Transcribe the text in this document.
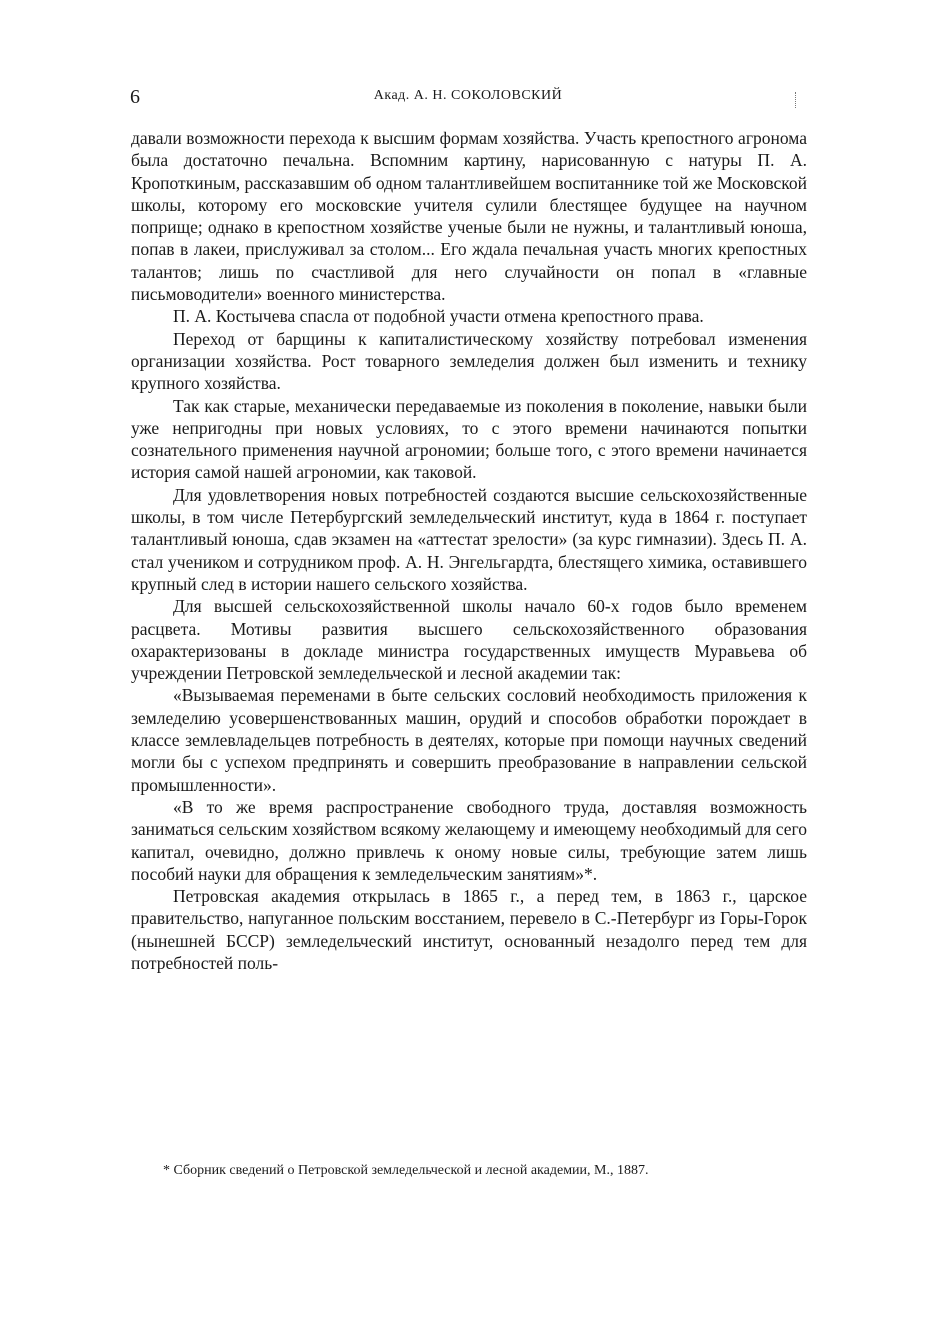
6	Акад. А. Н. СОКОЛОВСКИЙ

давали возможности перехода к высшим формам хозяйства. Участь крепостного агронома была достаточно печальна. Вспомним картину, нарисованную с натуры П. А. Кропоткиным, рассказавшим об одном талантливейшем воспитаннике той же Московской школы, которому его московские учителя сулили блестящее будущее на научном поприще; однако в крепостном хозяйстве ученые были не нужны, и талантливый юноша, попав в лакеи, прислуживал за столом... Его ждала печальная участь многих крепостных талантов; лишь по счастливой для него случайности он попал в «главные письмоводители» военного министерства.

П. А. Костычева спасла от подобной участи отмена крепостного права.

Переход от барщины к капиталистическому хозяйству потребовал изменения организации хозяйства. Рост товарного земледелия должен был изменить и технику крупного хозяйства.

Так как старые, механически передаваемые из поколения в поколение, навыки были уже непригодны при новых условиях, то с этого времени начинаются попытки сознательного применения научной агрономии; больше того, с этого времени начинается история самой нашей агрономии, как таковой.

Для удовлетворения новых потребностей создаются высшие сельскохозяйственные школы, в том числе Петербургский земледельческий институт, куда в 1864 г. поступает талантливый юноша, сдав экзамен на «аттестат зрелости» (за курс гимназии). Здесь П. А. стал учеником и сотрудником проф. А. Н. Энгельгардта, блестящего химика, оставившего крупный след в истории нашего сельского хозяйства.

Для высшей сельскохозяйственной школы начало 60-х годов было временем расцвета. Мотивы развития высшего сельскохозяйственного образования охарактеризованы в докладе министра государственных имуществ Муравьева об учреждении Петровской земледельческой и лесной академии так:

«Вызываемая переменами в быте сельских сословий необходимость приложения к земледелию усовершенствованных машин, орудий и способов обработки порождает в классе землевладельцев потребность в деятелях, которые при помощи научных сведений могли бы с успехом предпринять и совершить преобразование в направлении сельской промышленности».

«В то же время распространение свободного труда, доставляя возможность заниматься сельским хозяйством всякому желающему и имеющему необходимый для сего капитал, очевидно, должно привлечь к оному новые силы, требующие затем лишь пособий науки для обращения к земледельческим занятиям»*.

Петровская академия открылась в 1865 г., а перед тем, в 1863 г., царское правительство, напуганное польским восстанием, перевело в С.-Петербург из Горы-Горок (нынешней БССР) земледельческий институт, основанный незадолго перед тем для потребностей поль-

* Сборник сведений о Петровской земледельческой и лесной академии, М., 1887.
